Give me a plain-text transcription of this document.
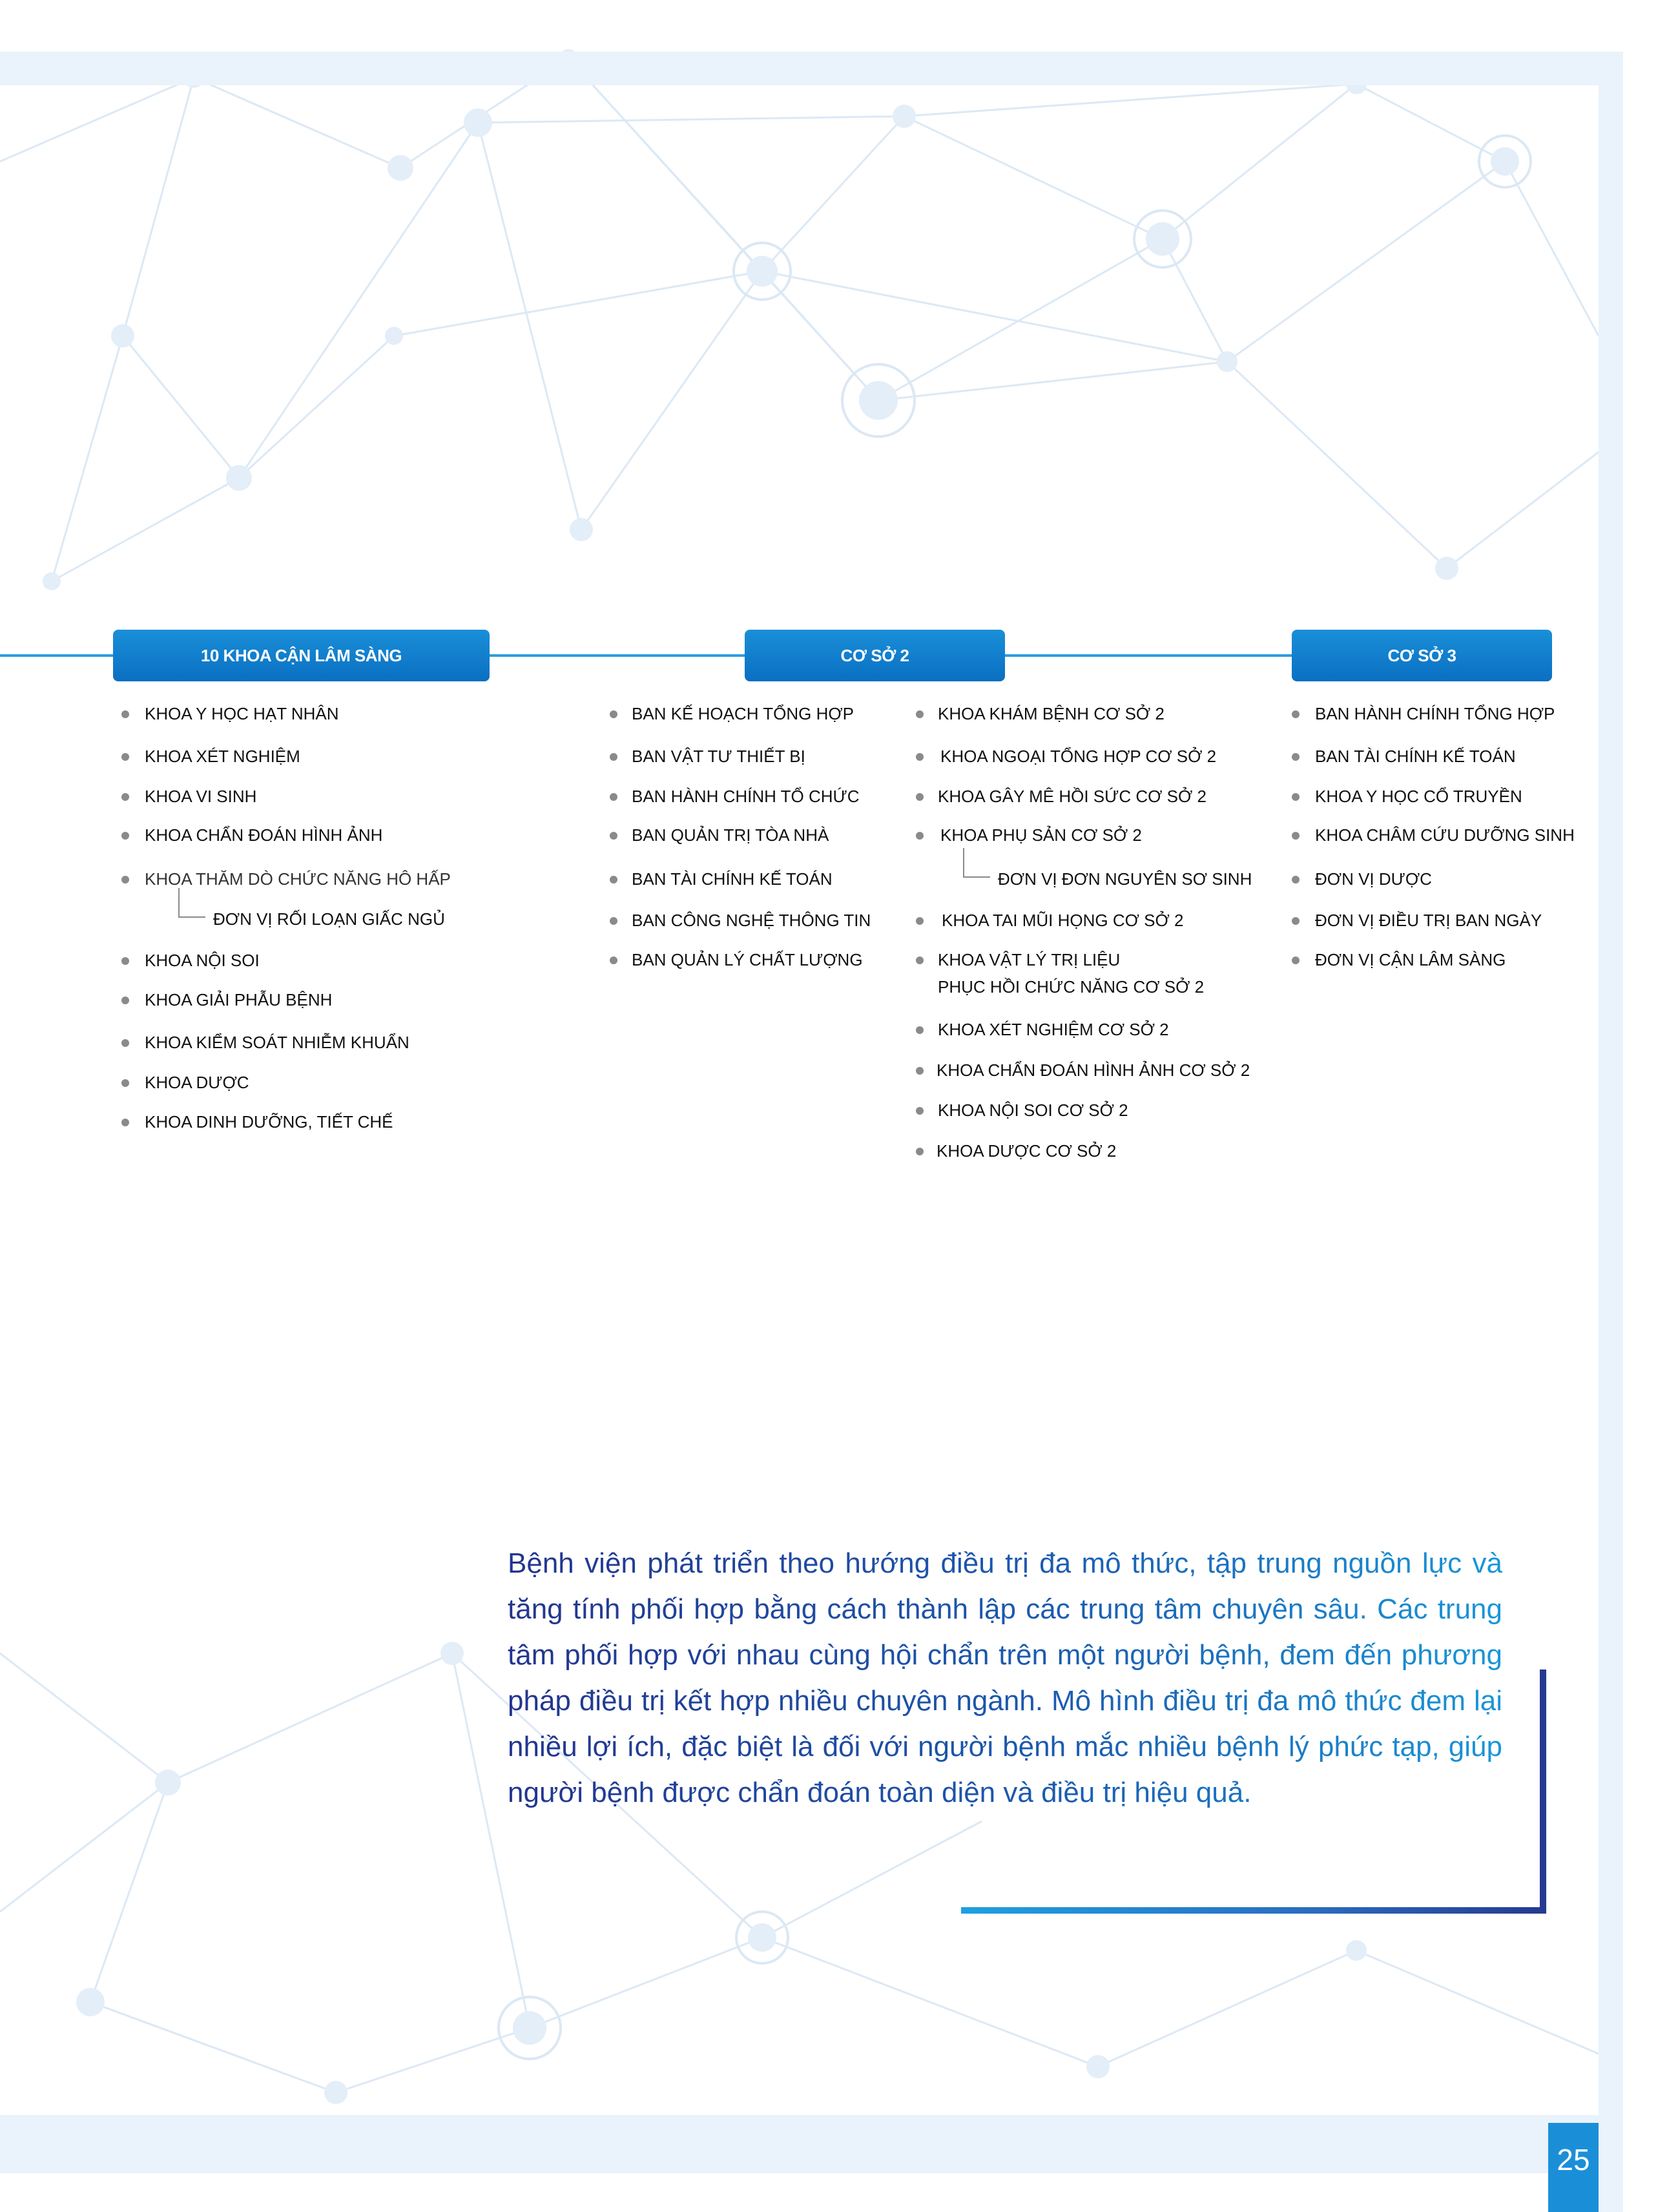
10 KHOA CẬN LÂM SÀNG	CƠ SỞ 2	CƠ SỞ 3
KHOA Y HỌC HẠT NHÂN
KHOA XÉT NGHIỆM
KHOA VI SINH
KHOA CHẨN ĐOÁN HÌNH ẢNH
KHOA THĂM DÒ CHỨC NĂNG HÔ HẤP
KHOA NỘI SOI
KHOA GIẢI PHẪU BỆNH
KHOA KIỂM SOÁT NHIỄM KHUẨN
KHOA DƯỢC
KHOA DINH DƯỠNG, TIẾT CHẾ
ĐƠN VỊ RỐI LOẠN GIẤC NGỦ
BAN KẾ HOẠCH TỔNG HỢP
BAN VẬT TƯ THIẾT BỊ
BAN HÀNH CHÍNH TỔ CHỨC
BAN QUẢN TRỊ TÒA NHÀ
BAN TÀI CHÍNH KẾ TOÁN
BAN CÔNG NGHỆ THÔNG TIN
BAN QUẢN LÝ CHẤT LƯỢNG
KHOA KHÁM BỆNH CƠ SỞ 2
KHOA NGOẠI TỔNG HỢP CƠ SỞ 2
KHOA GÂY MÊ HỒI SỨC CƠ SỞ 2
KHOA PHỤ SẢN CƠ SỞ 2
KHOA TAI MŨI HỌNG CƠ SỞ 2
KHOA VẬT LÝ TRỊ LIỆU
PHỤC HỒI CHỨC NĂNG CƠ SỞ 2
KHOA XÉT NGHIỆM CƠ SỞ 2
KHOA CHẨN ĐOÁN HÌNH ẢNH CƠ SỞ 2
KHOA NỘI SOI CƠ SỞ 2
KHOA DƯỢC CƠ SỞ 2
ĐƠN VỊ ĐƠN NGUYÊN SƠ SINH
BAN HÀNH CHÍNH TỔNG HỢP
BAN TÀI CHÍNH KẾ TOÁN
KHOA Y HỌC CỔ TRUYỀN
KHOA CHÂM CỨU DƯỠNG SINH
ĐƠN VỊ DƯỢC
ĐƠN VỊ ĐIỀU TRỊ BAN NGÀY
ĐƠN VỊ CẬN LÂM SÀNG

Bệnh viện phát triển theo hướng điều trị đa mô thức, tập trung nguồn lực và tăng tính phối hợp bằng cách thành lập các trung tâm chuyên sâu. Các trung tâm phối hợp với nhau cùng hội chẩn trên một người bệnh, đem đến phương pháp điều trị kết hợp nhiều chuyên ngành. Mô hình điều trị đa mô thức đem lại nhiều lợi ích, đặc biệt là đối với người bệnh mắc nhiều bệnh lý phức tạp, giúp người bệnh được chẩn đoán toàn diện và điều trị hiệu quả.

25
